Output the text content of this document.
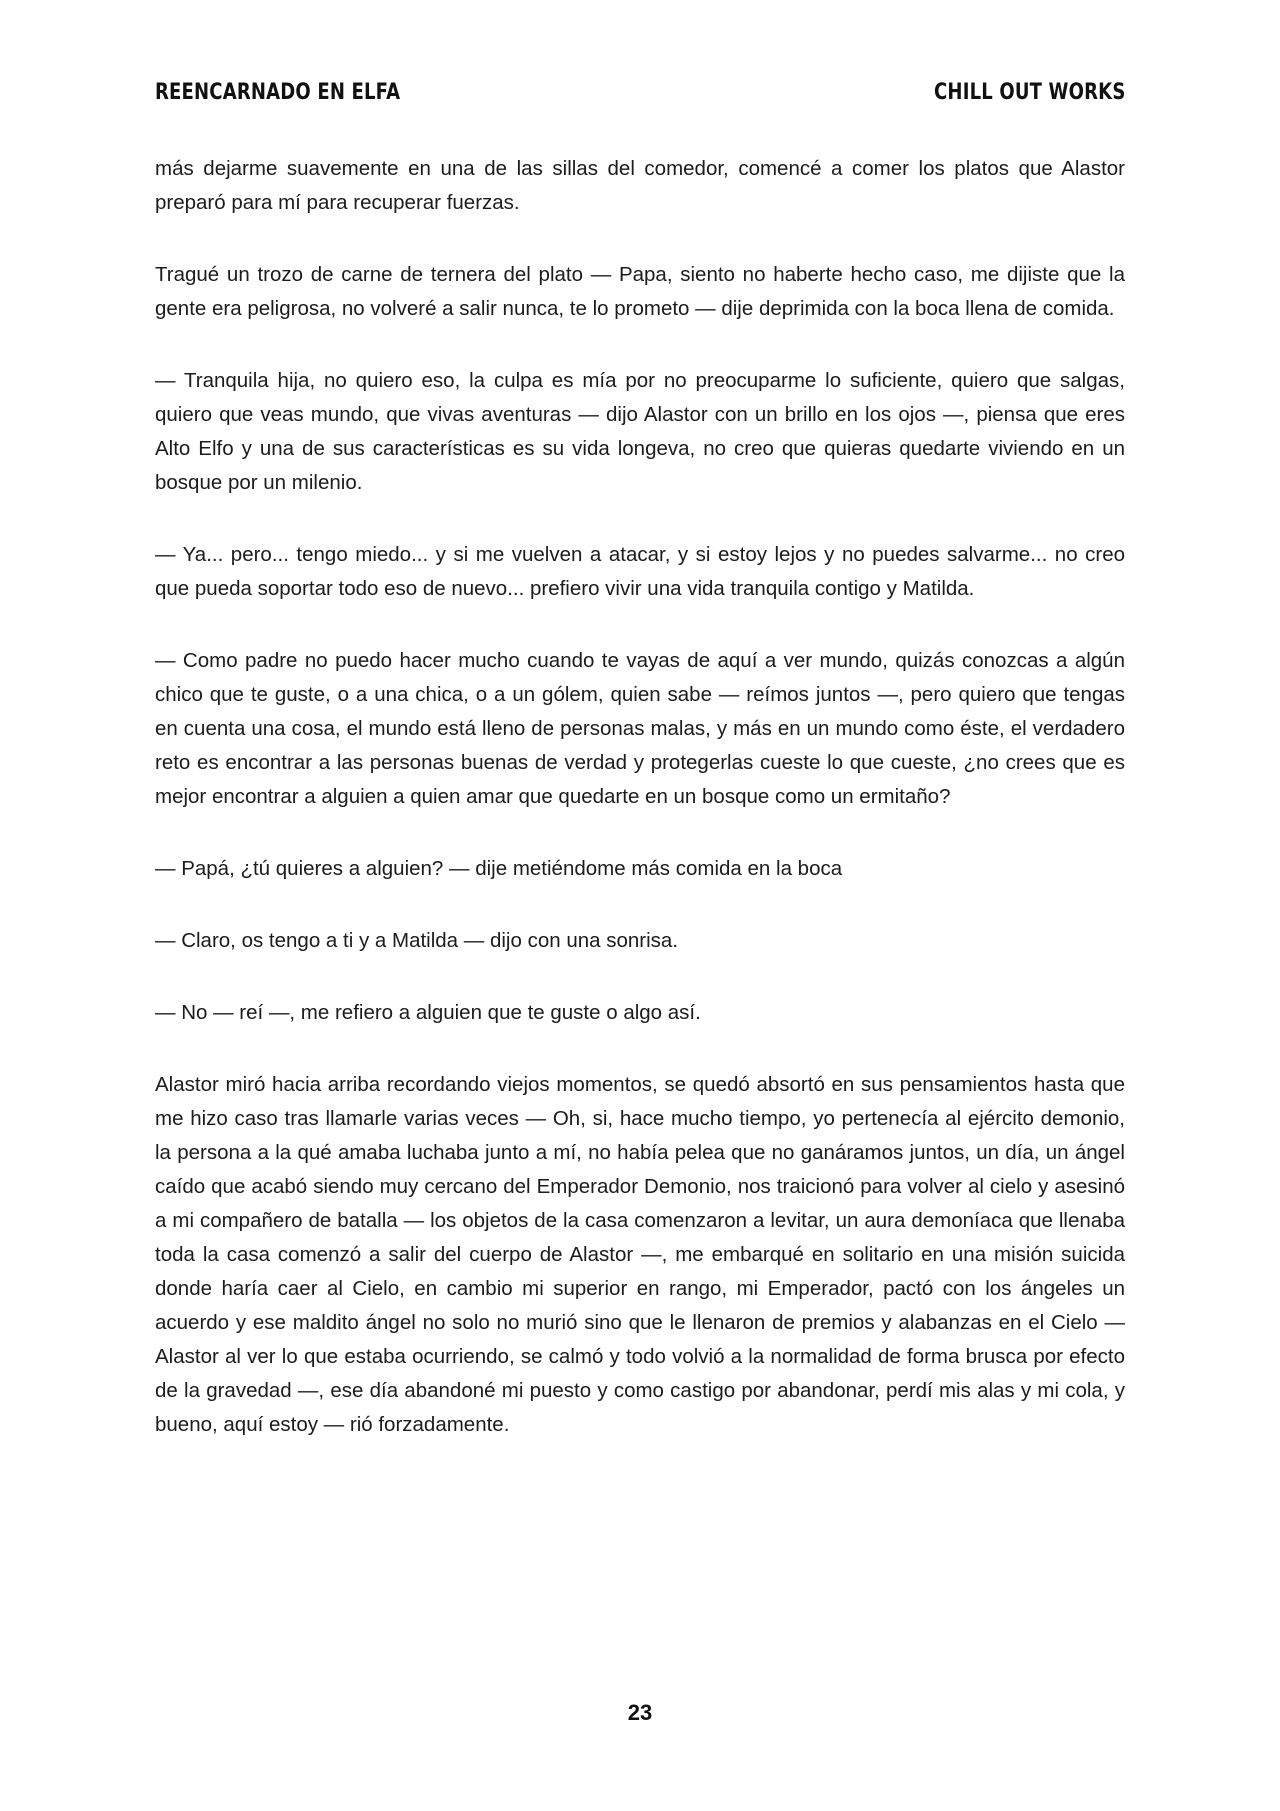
REENCARNADO EN ELFA	CHILL OUT WORKS

más dejarme suavemente en una de las sillas del comedor, comencé a comer los platos que Alastor preparó para mí para recuperar fuerzas.

Tragué un trozo de carne de ternera del plato — Papa, siento no haberte hecho caso, me dijiste que la gente era peligrosa, no volveré a salir nunca, te lo prometo — dije deprimida con la boca llena de comida.

— Tranquila hija, no quiero eso, la culpa es mía por no preocuparme lo suficiente, quiero que salgas, quiero que veas mundo, que vivas aventuras — dijo Alastor con un brillo en los ojos —, piensa que eres Alto Elfo y una de sus características es su vida longeva, no creo que quieras quedarte viviendo en un bosque por un milenio.

— Ya... pero... tengo miedo... y si me vuelven a atacar, y si estoy lejos y no puedes salvarme... no creo que pueda soportar todo eso de nuevo... prefiero vivir una vida tranquila contigo y Matilda.

— Como padre no puedo hacer mucho cuando te vayas de aquí a ver mundo, quizás conozcas a algún chico que te guste, o a una chica, o a un gólem, quien sabe — reímos juntos —, pero quiero que tengas en cuenta una cosa, el mundo está lleno de personas malas, y más en un mundo como éste, el verdadero reto es encontrar a las personas buenas de verdad y protegerlas cueste lo que cueste, ¿no crees que es mejor encontrar a alguien a quien amar que quedarte en un bosque como un ermitaño?

— Papá, ¿tú quieres a alguien? — dije metiéndome más comida en la boca

— Claro, os tengo a ti y a Matilda — dijo con una sonrisa.

— No — reí —, me refiero a alguien que te guste o algo así.

Alastor miró hacia arriba recordando viejos momentos, se quedó absortó en sus pensamientos hasta que me hizo caso tras llamarle varias veces — Oh, si, hace mucho tiempo, yo pertenecía al ejército demonio, la persona a la qué amaba luchaba junto a mí, no había pelea que no ganáramos juntos, un día, un ángel caído que acabó siendo muy cercano del Emperador Demonio, nos traicionó para volver al cielo y asesinó a mi compañero de batalla — los objetos de la casa comenzaron a levitar, un aura demoníaca que llenaba toda la casa comenzó a salir del cuerpo de Alastor —, me embarqué en solitario en una misión suicida donde haría caer al Cielo, en cambio mi superior en rango, mi Emperador, pactó con los ángeles un acuerdo y ese maldito ángel no solo no murió sino que le llenaron de premios y alabanzas en el Cielo — Alastor al ver lo que estaba ocurriendo, se calmó y todo volvió a la normalidad de forma brusca por efecto de la gravedad —, ese día abandoné mi puesto y como castigo por abandonar, perdí mis alas y mi cola, y bueno, aquí estoy — rió forzadamente.

23
